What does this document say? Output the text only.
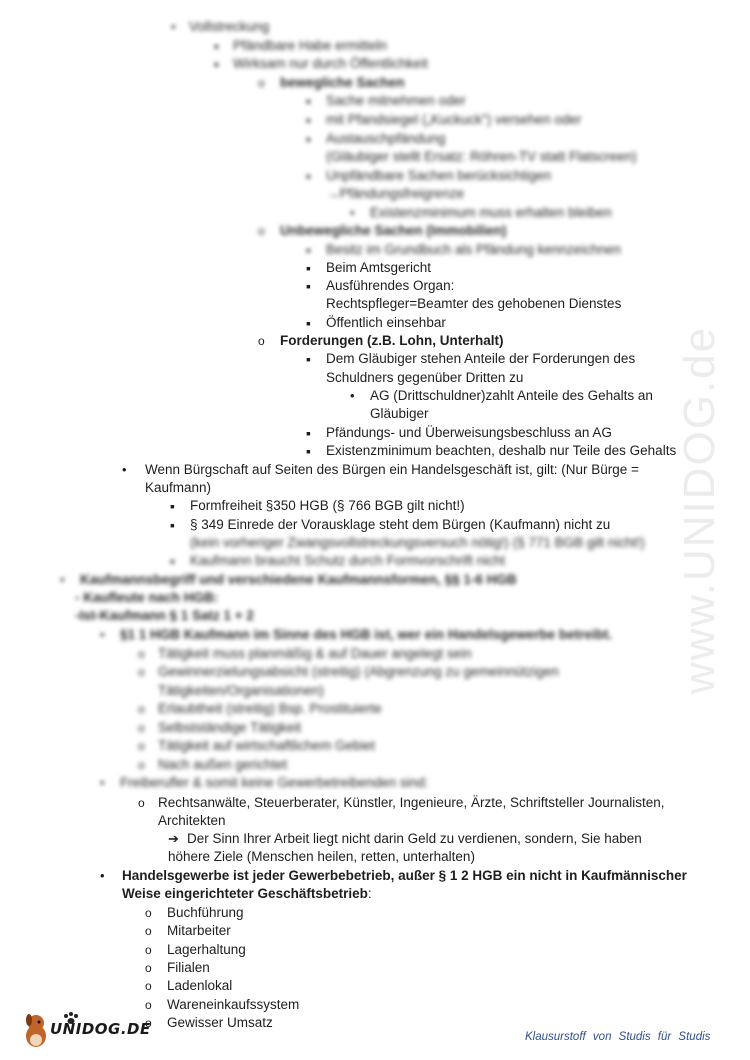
www.UNIDOG.de
•
Vollstreckung
▪
Pfändbare Habe ermitteln
▪
Wirksam nur durch Öffentlichkeit
o
bewegliche Sachen
▪
Sache mitnehmen oder
▪
mit Pfandsiegel („Kuckuck") versehen oder
▪
Austauschpfändung
(Gläubiger stellt Ersatz: Röhren-TV statt Flatscreen)
▪
Unpfändbare Sachen berücksichtigen
→Pfändungsfreigrenze
•
Existenzminimum muss erhalten bleiben
o
Unbewegliche Sachen (Immobilien)
▪
Besitz im Grundbuch als Pfändung kennzeichnen
▪
Beim Amtsgericht
▪
Ausführendes Organ:
Rechtspfleger=Beamter des gehobenen Dienstes
▪
Öffentlich einsehbar
o
Forderungen (z.B. Lohn, Unterhalt)
▪
Dem Gläubiger stehen Anteile der Forderungen des
Schuldners gegenüber Dritten zu
•
AG (Drittschuldner)zahlt Anteile des Gehalts an
Gläubiger
▪
Pfändungs- und Überweisungsbeschluss an AG
▪
Existenzminimum beachten, deshalb nur Teile des Gehalts
•
Wenn Bürgschaft auf Seiten des Bürgen ein Handelsgeschäft ist, gilt: (Nur Bürge =
Kaufmann)
▪
Formfreiheit §350 HGB (§ 766 BGB gilt nicht!)
▪
§ 349 Einrede der Vorausklage steht dem Bürgen (Kaufmann) nicht zu
(kein vorheriger Zwangsvollstreckungsversuch nötig!) (§ 771 BGB gilt nicht!)
▪
Kaufmann braucht Schutz durch Formvorschrift nicht
•
Kaufmannsbegriff und verschiedene Kaufmannsformen, §§ 1-6 HGB
- Kaufleute nach HGB:
-Ist-Kaufmann § 1 Satz 1 + 2
•
§1 1 HGB Kaufmann im Sinne des HGB ist, wer ein Handelsgewerbe betreibt.
o
Tätigkeit muss planmäßig & auf Dauer angelegt sein
o
Gewinnerzielungsabsicht (streitig) (Abgrenzung zu gemeinnützigen
Tätigkeiten/Organisationen)
o
Erlaubtheit (streitig) Bsp. Prostituierte
o
Selbstständige Tätigkeit
o
Tätigkeit auf wirtschaftlichem Gebiet
o
Nach außen gerichtet
•
Freiberufler & somit keine Gewerbetreibenden sind:
o
Rechtsanwälte, Steuerberater, Künstler, Ingenieure, Ärzte, Schriftsteller Journalisten,
Architekten
➔ Der Sinn Ihrer Arbeit liegt nicht darin Geld zu verdienen, sondern, Sie haben
höhere Ziele (Menschen heilen, retten, unterhalten)
•
Handelsgewerbe ist jeder Gewerbebetrieb, außer § 1 2 HGB ein nicht in Kaufmännischer
Weise eingerichteter Geschäftsbetrieb:
o
Buchführung
o
Mitarbeiter
o
Lagerhaltung
o
Filialen
o
Ladenlokal
o
Wareneinkaufssystem
o
Gewisser Umsatz
UNIDOG.DE	Klausurstoff von Studis für Studis
